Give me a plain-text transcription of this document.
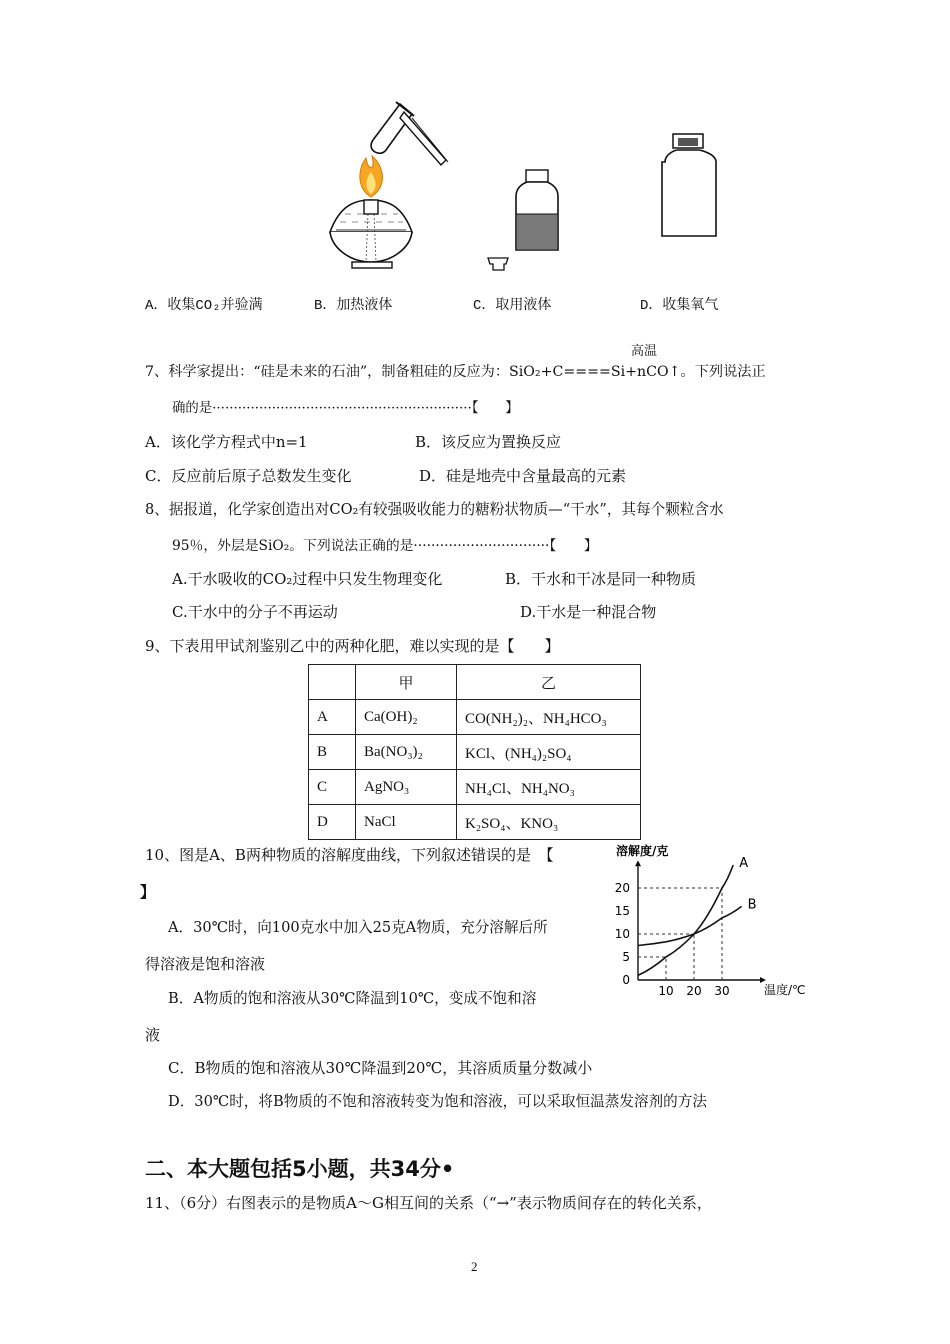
A．收集CO₂并验满	B．加热液体	C．取用液体	D．收集氧气
高温
7、科学家提出：“硅是未来的石油”，制备粗硅的反应为：SiO₂+C====Si+nCO↑。下列说法正
确的是·····························································【　　】
A．该化学方程式中n=1	B．该反应为置换反应
C．反应前后原子总数发生变化	D．硅是地壳中含量最高的元素
8、据报道，化学家创造出对CO₂有较强吸收能力的糖粉状物质—“干水”，其每个颗粒含水
95％，外层是SiO₂。下列说法正确的是·······························【　　】
A.干水吸收的CO₂过程中只发生物理变化	B．干水和干冰是同一种物质
C.干水中的分子不再运动	D.干水是一种混合物
9、下表用甲试剂鉴别乙中的两种化肥，难以实现的是【　　】
	甲	乙
A	Ca(OH)₂	CO(NH₂)₂、NH₄HCO₃
B	Ba(NO₃)₂	KCl、(NH₄)₂SO₄
C	AgNO₃	NH₄Cl、NH₄NO₃
D	NaCl	K₂SO₄、KNO₃
10、图是A、B两种物质的溶解度曲线，下列叙述错误的是　【
】
A．30℃时，向100克水中加入25克A物质，充分溶解后所
得溶液是饱和溶液
B．A物质的饱和溶液从30℃降温到10℃，变成不饱和溶
液
C．B物质的饱和溶液从30℃降温到20℃，其溶质质量分数减小
D．30℃时，将B物质的不饱和溶液转变为饱和溶液，可以采取恒温蒸发溶剂的方法
溶解度/克
温度/℃
0
5
10
15
20
10 20 30
A
B
二、本大题包括5小题，共34分•
11、（6分）右图表示的是物质A～G相互间的关系（“→”表示物质间存在的转化关系，
2
